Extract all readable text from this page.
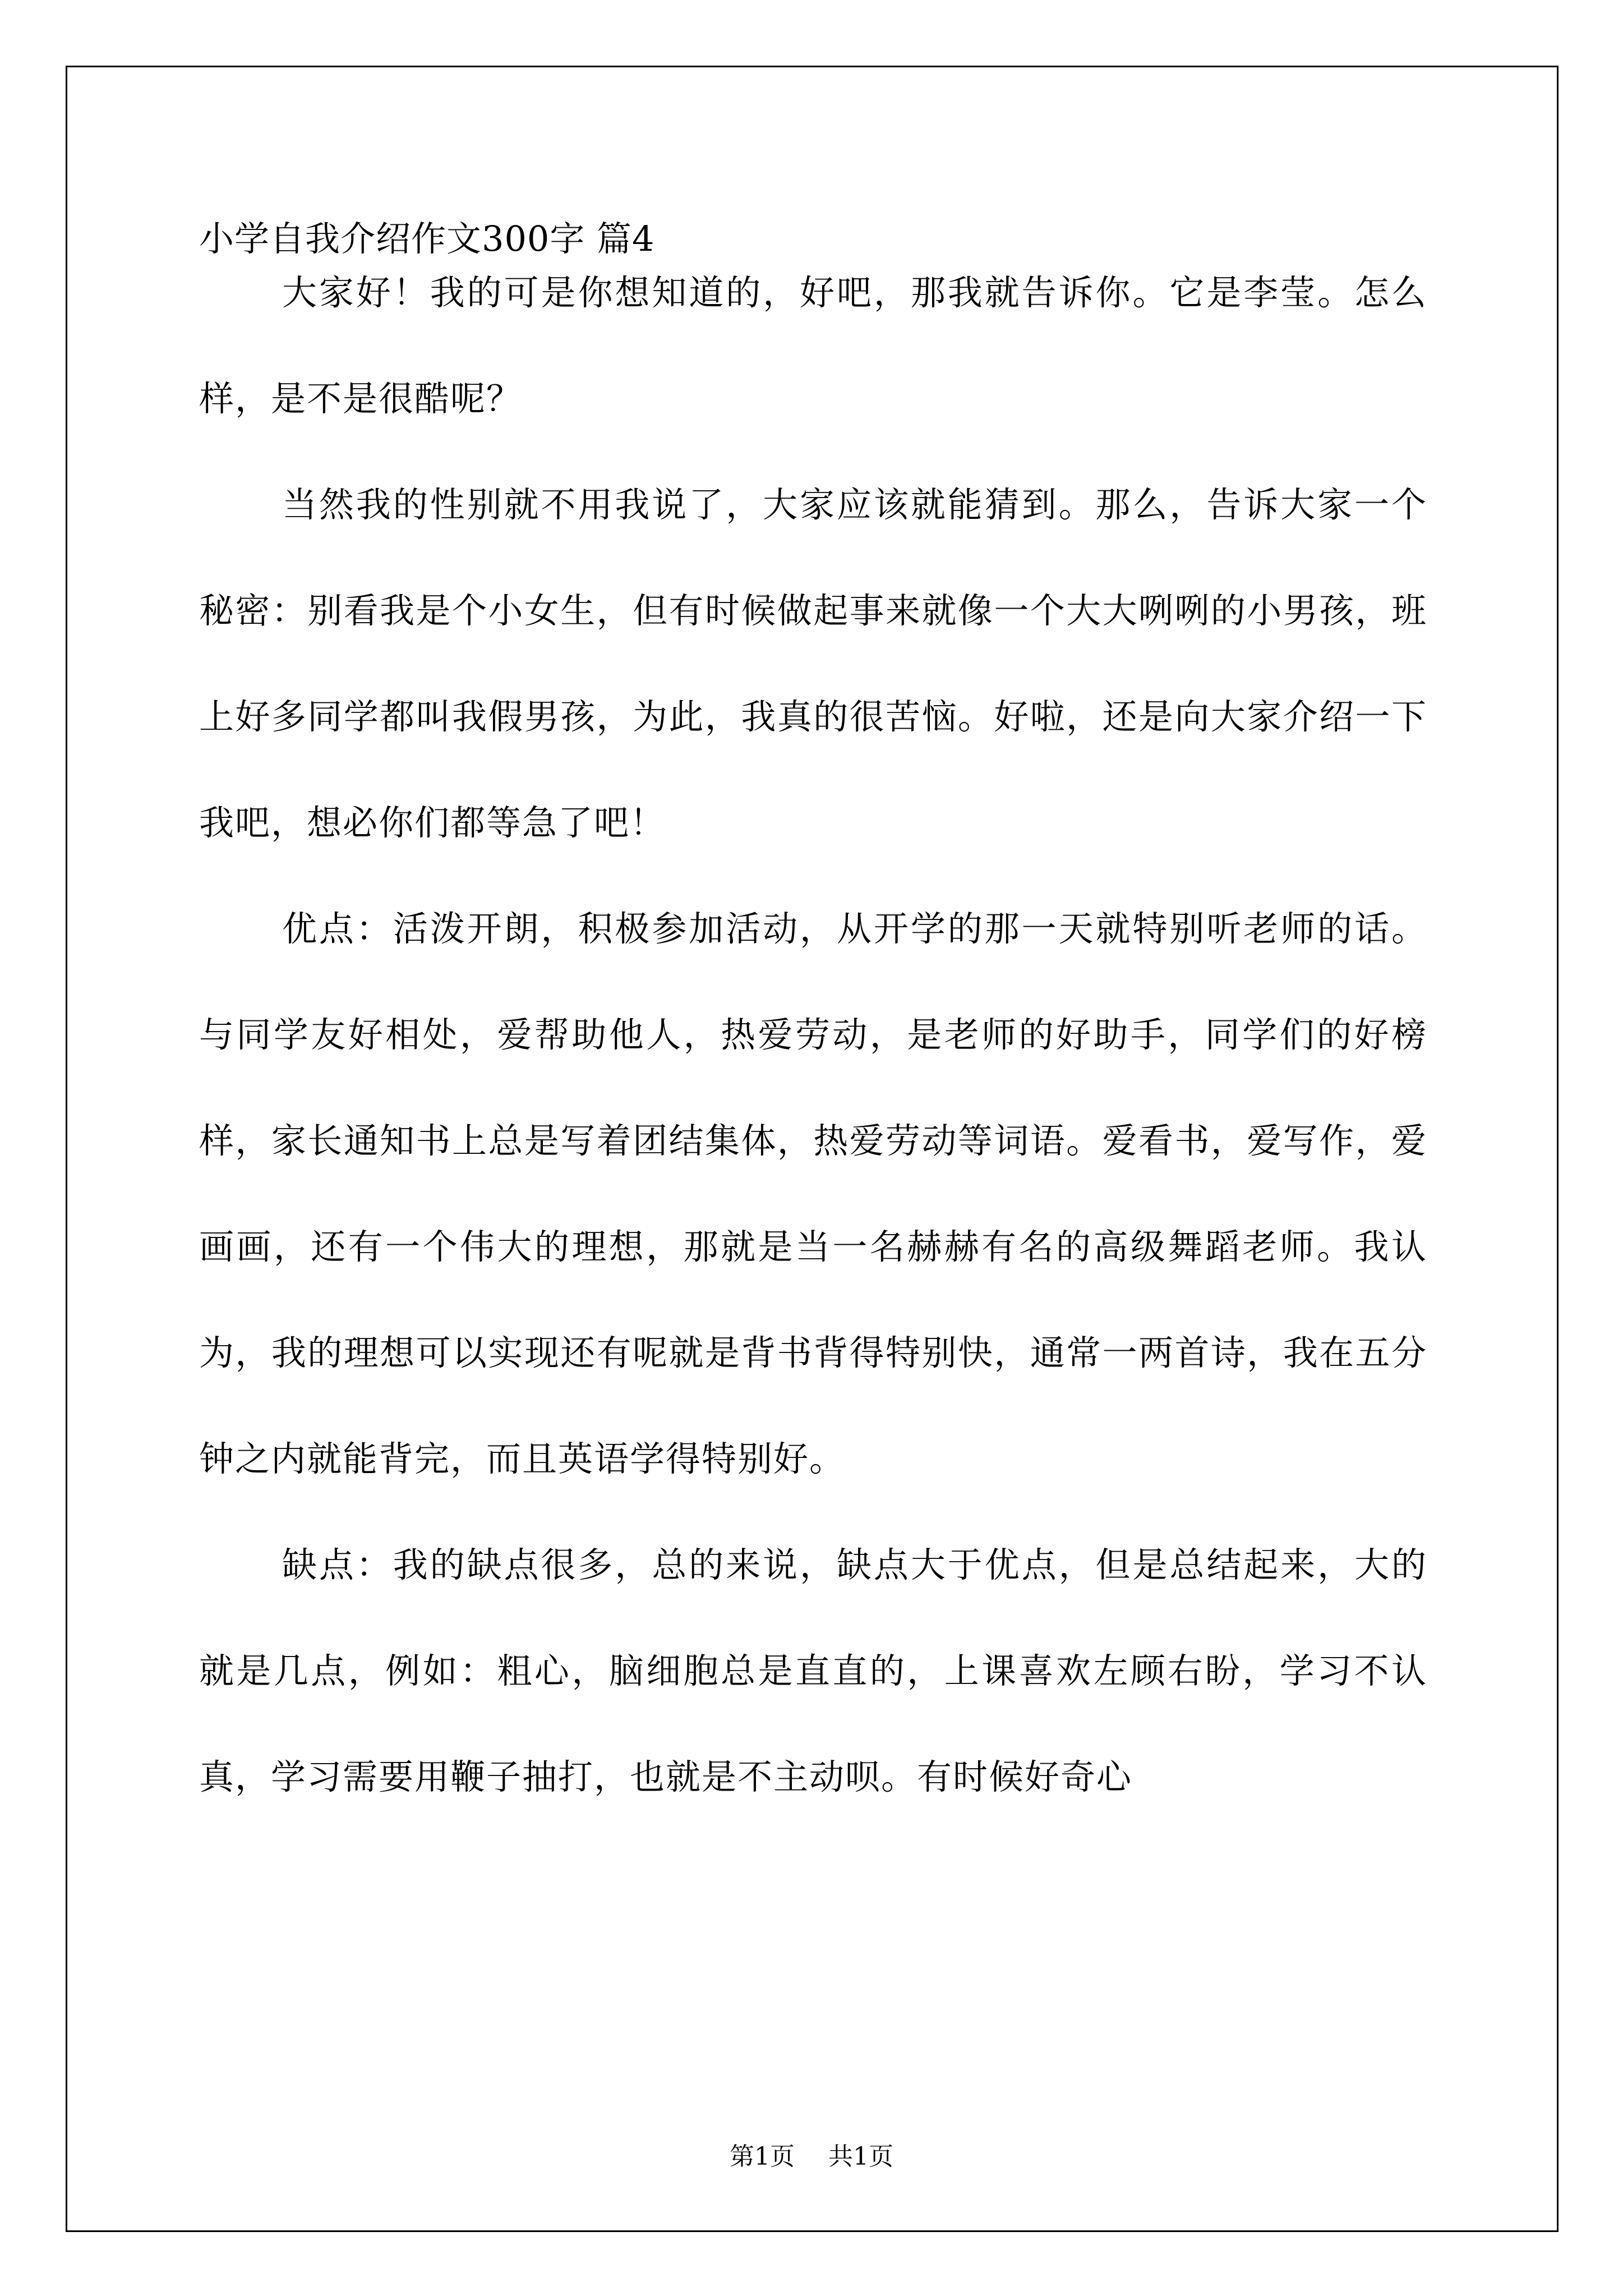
小学自我介绍作文300字 篇4

大家好！我的可是你想知道的，好吧，那我就告诉你。它是李莹。怎么样，是不是很酷呢？

当然我的性别就不用我说了，大家应该就能猜到。那么，告诉大家一个秘密：别看我是个小女生，但有时候做起事来就像一个大大咧咧的小男孩，班上好多同学都叫我假男孩，为此，我真的很苦恼。好啦，还是向大家介绍一下我吧，想必你们都等急了吧！

优点：活泼开朗，积极参加活动，从开学的那一天就特别听老师的话。与同学友好相处，爱帮助他人，热爱劳动，是老师的好助手，同学们的好榜样，家长通知书上总是写着团结集体，热爱劳动等词语。爱看书，爱写作，爱画画，还有一个伟大的理想，那就是当一名赫赫有名的高级舞蹈老师。我认为，我的理想可以实现还有呢就是背书背得特别快，通常一两首诗，我在五分钟之内就能背完，而且英语学得特别好。

缺点：我的缺点很多，总的来说，缺点大于优点，但是总结起来，大的就是几点，例如：粗心，脑细胞总是直直的，上课喜欢左顾右盼，学习不认真，学习需要用鞭子抽打，也就是不主动呗。有时候好奇心

第1页 共1页
